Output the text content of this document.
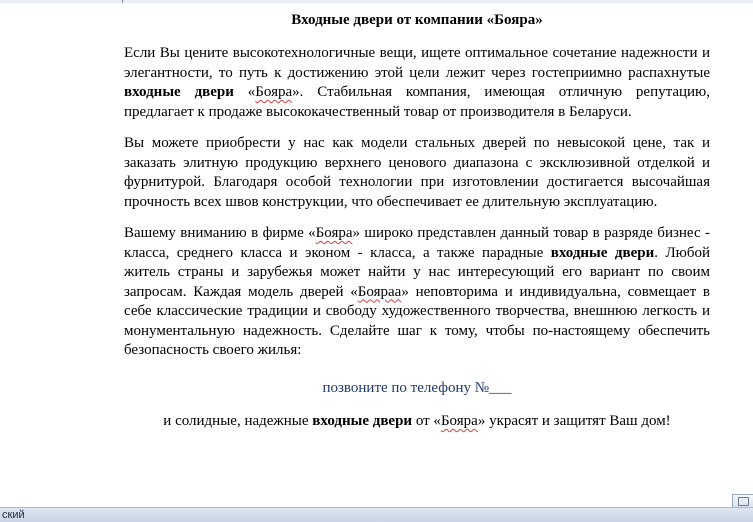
Входные двери от компании «Бояра»

Если Вы цените высокотехнологичные вещи, ищете оптимальное сочетание надежности и элегантности, то путь к достижению этой цели лежит через гостеприимно распахнутые входные двери «Бояра». Стабильная компания, имеющая отличную репутацию, предлагает к продаже высококачественный товар от производителя в Беларуси.

Вы можете приобрести у нас как модели стальных дверей по невысокой цене, так и заказать элитную продукцию верхнего ценового диапазона с эксклюзивной отделкой и фурнитурой. Благодаря особой технологии при изготовлении достигается высочайшая прочность всех швов конструкции, что обеспечивает ее длительную эксплуатацию.

Вашему вниманию в фирме «Бояра» широко представлен данный товар в разряде бизнес - класса, среднего класса и эконом - класса, а также парадные входные двери. Любой житель страны и зарубежья может найти у нас интересующий его вариант по своим запросам. Каждая модель дверей «Бояраа» неповторима и индивидуальна, совмещает в себе классические традиции и свободу художественного творчества, внешнюю легкость и монументальную надежность. Сделайте шаг к тому, чтобы по-настоящему обеспечить безопасность своего жилья:

позвоните по телефону №___

и солидные, надежные входные двери от «Бояра» украсят и защитят Ваш дом!

ский
